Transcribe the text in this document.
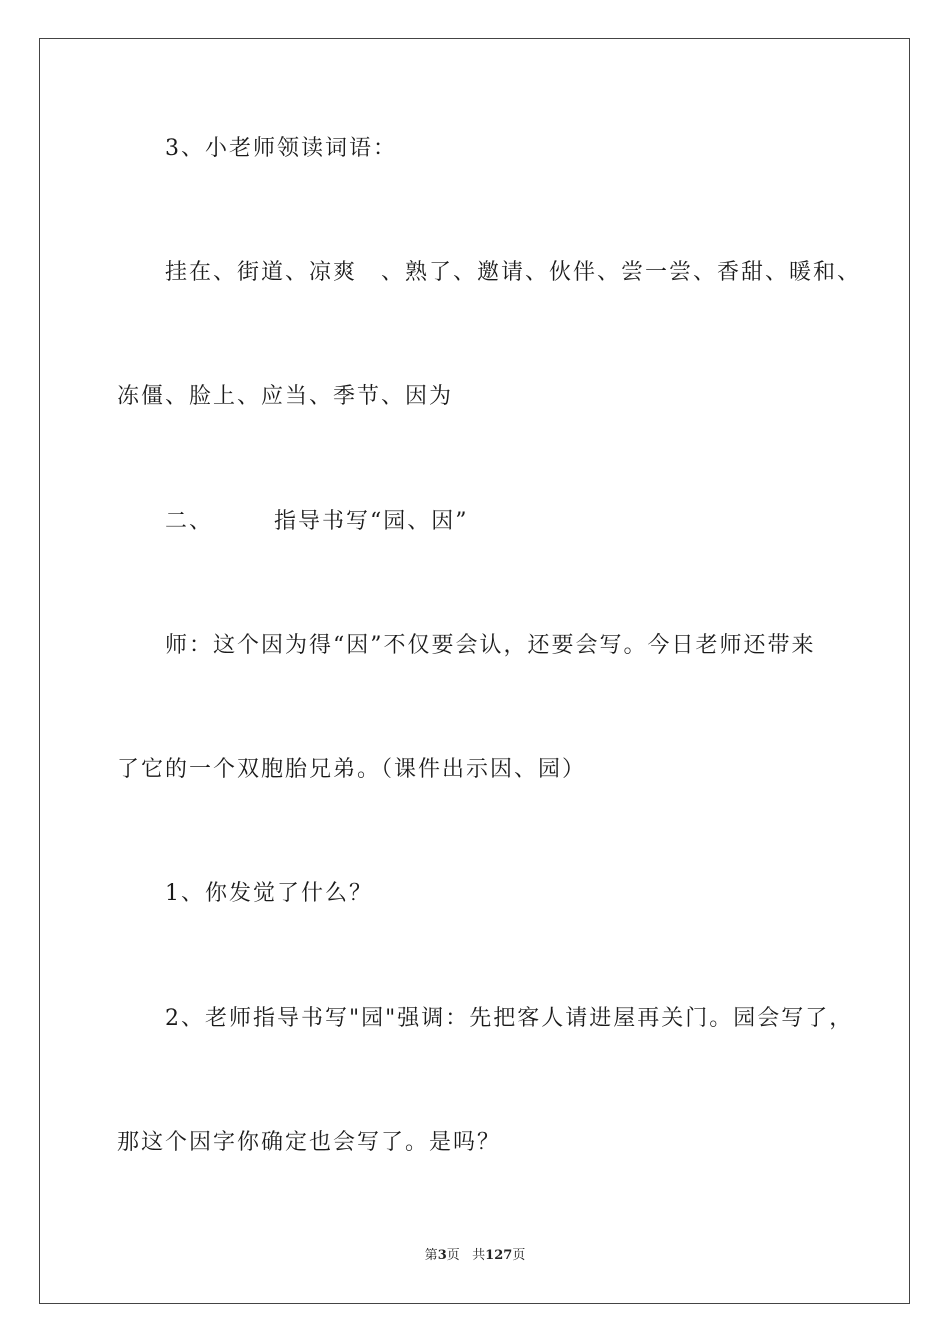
3、小老师领读词语：
挂在、街道、凉爽　、熟了、邀请、伙伴、尝一尝、香甜、暖和、
冻僵、脸上、应当、季节、因为
二、　　　指导书写“园、因”
师：这个因为得“因”不仅要会认，还要会写。今日老师还带来
了它的一个双胞胎兄弟。（课件出示因、园）
1、你发觉了什么？
2、老师指导书写"园"强调：先把客人请进屋再关门。园会写了，
那这个因字你确定也会写了。是吗？
第3页 共127页
